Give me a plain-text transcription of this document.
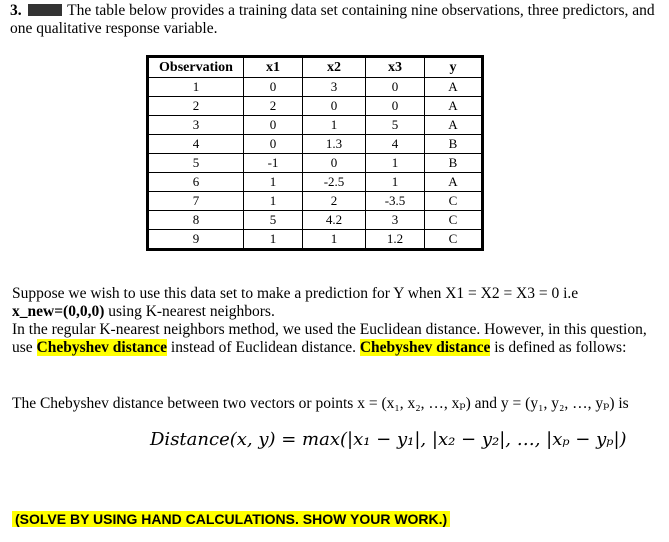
3.	The table below provides a training data set containing nine observations, three predictors, and one qualitative response variable.
Observation	x1	x2	x3	y
1	0	3	0	A
2	2	0	0	A
3	0	1	5	A
4	0	1.3	4	B
5	-1	0	1	B
6	1	-2.5	1	A
7	1	2	-3.5	C
8	5	4.2	3	C
9	1	1	1.2	C
Suppose we wish to use this data set to make a prediction for Y when X1 = X2 = X3 = 0 i.e
x_new=(0,0,0) using K-nearest neighbors.
In the regular K-nearest neighbors method, we used the Euclidean distance. However, in this question, use Chebyshev distance instead of Euclidean distance. Chebyshev distance is defined as follows:
The Chebyshev distance between two vectors or points x = (x₁, x₂, …, xₚ) and y = (y₁, y₂, …, yₚ) is
Distance(x, y) = max(|x₁ − y₁|, |x₂ − y₂|, …, |xₚ − yₚ|)
(SOLVE BY USING HAND CALCULATIONS. SHOW YOUR WORK.)
